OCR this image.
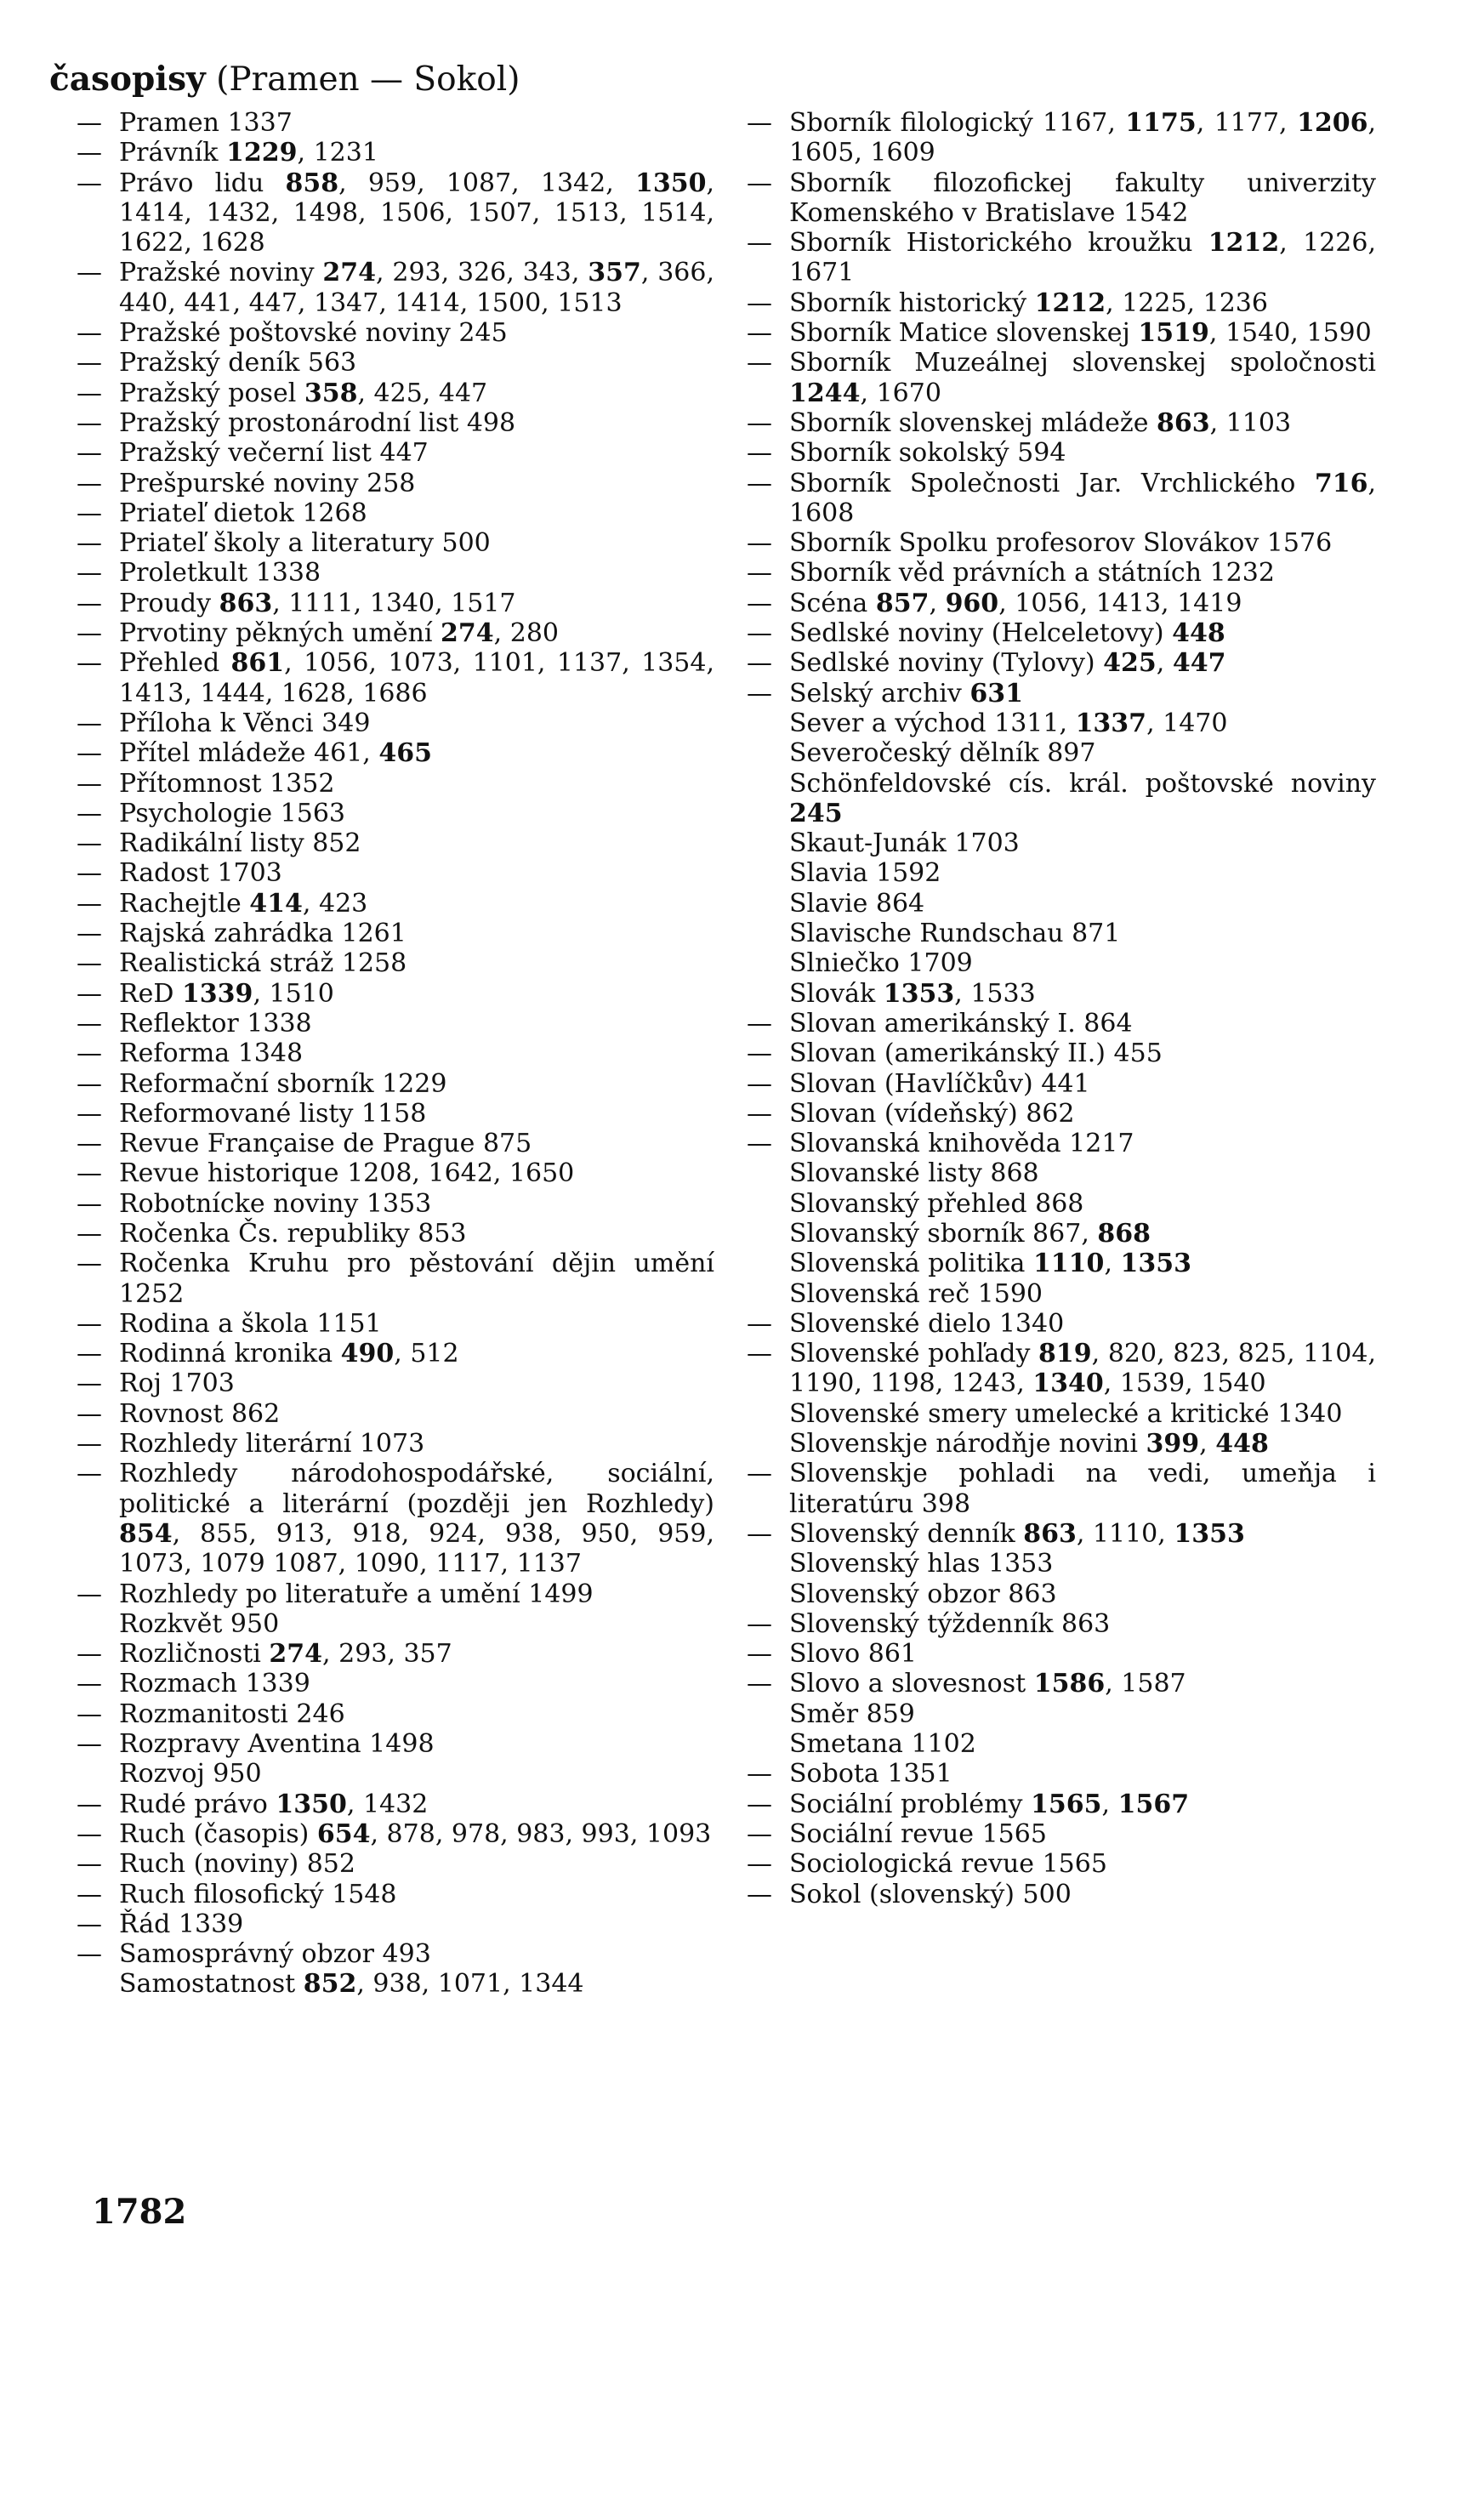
časopisy (Pramen — Sokol)
— Pramen 1337
— Právník 1229, 1231
— Právo lidu 858, 959, 1087, 1342, 1350, 1414, 1432, 1498, 1506, 1507, 1513, 1514, 1622, 1628
— Pražské noviny 274, 293, 326, 343, 357, 366, 440, 441, 447, 1347, 1414, 1500, 1513
— Pražské poštovské noviny 245
— Pražský deník 563
— Pražský posel 358, 425, 447
— Pražský prostonárodní list 498
— Pražský večerní list 447
— Prešpurské noviny 258
— Priateľ dietok 1268
— Priateľ školy a literatury 500
— Proletkult 1338
— Proudy 863, 1111, 1340, 1517
— Prvotiny pěkných umění 274, 280
— Přehled 861, 1056, 1073, 1101, 1137, 1354, 1413, 1444, 1628, 1686
— Příloha k Věnci 349
— Přítel mládeže 461, 465
— Přítomnost 1352
— Psychologie 1563
— Radikální listy 852
— Radost 1703
— Rachejtle 414, 423
— Rajská zahrádka 1261
— Realistická stráž 1258
— ReD 1339, 1510
— Reflektor 1338
— Reforma 1348
— Reformační sborník 1229
— Reformované listy 1158
— Revue Française de Prague 875
— Revue historique 1208, 1642, 1650
— Robotnícke noviny 1353
— Ročenka Čs. republiky 853
— Ročenka Kruhu pro pěstování dějin umění 1252
— Rodina a škola 1151
— Rodinná kronika 490, 512
— Roj 1703
— Rovnost 862
— Rozhledy literární 1073
— Rozhledy národohospodářské, sociální, politické a literární (později jen Rozhledy) 854, 855, 913, 918, 924, 938, 950, 959, 1073, 1079 1087, 1090, 1117, 1137
— Rozhledy po literatuře a umění 1499
Rozkvět 950
— Rozličnosti 274, 293, 357
— Rozmach 1339
— Rozmanitosti 246
— Rozpravy Aventina 1498
Rozvoj 950
— Rudé právo 1350, 1432
— Ruch (časopis) 654, 878, 978, 983, 993, 1093
— Ruch (noviny) 852
— Ruch filosofický 1548
— Řád 1339
— Samosprávný obzor 493
Samostatnost 852, 938, 1071, 1344
— Sborník filologický 1167, 1175, 1177, 1206, 1605, 1609
— Sborník filozofickej fakulty univerzity Komenského v Bratislave 1542
— Sborník Historického kroužku 1212, 1226, 1671
— Sborník historický 1212, 1225, 1236
— Sborník Matice slovenskej 1519, 1540, 1590
— Sborník Muzeálnej slovenskej spoločnosti 1244, 1670
— Sborník slovenskej mládeže 863, 1103
— Sborník sokolský 594
— Sborník Společnosti Jar. Vrchlického 716, 1608
— Sborník Spolku profesorov Slovákov 1576
— Sborník věd právních a státních 1232
— Scéna 857, 960, 1056, 1413, 1419
— Sedlské noviny (Helceletovy) 448
— Sedlské noviny (Tylovy) 425, 447
— Selský archiv 631
Sever a východ 1311, 1337, 1470
Severočeský dělník 897
Schönfeldovské cís. král. poštovské noviny 245
Skaut-Junák 1703
Slavia 1592
Slavie 864
Slavische Rundschau 871
Slniečko 1709
Slovák 1353, 1533
— Slovan amerikánský I. 864
— Slovan (amerikánský II.) 455
— Slovan (Havlíčkův) 441
— Slovan (vídeňský) 862
— Slovanská knihověda 1217
Slovanské listy 868
Slovanský přehled 868
Slovanský sborník 867, 868
Slovenská politika 1110, 1353
Slovenská reč 1590
— Slovenské dielo 1340
— Slovenské pohľady 819, 820, 823, 825, 1104, 1190, 1198, 1243, 1340, 1539, 1540
Slovenské smery umelecké a kritické 1340
Slovenskje národňje novini 399, 448
— Slovenskje pohladi na vedi, umeňja i literatúru 398
— Slovenský denník 863, 1110, 1353
Slovenský hlas 1353
Slovenský obzor 863
— Slovenský týždenník 863
— Slovo 861
— Slovo a slovesnost 1586, 1587
Směr 859
Smetana 1102
— Sobota 1351
— Sociální problémy 1565, 1567
— Sociální revue 1565
— Sociologická revue 1565
— Sokol (slovenský) 500
1782
